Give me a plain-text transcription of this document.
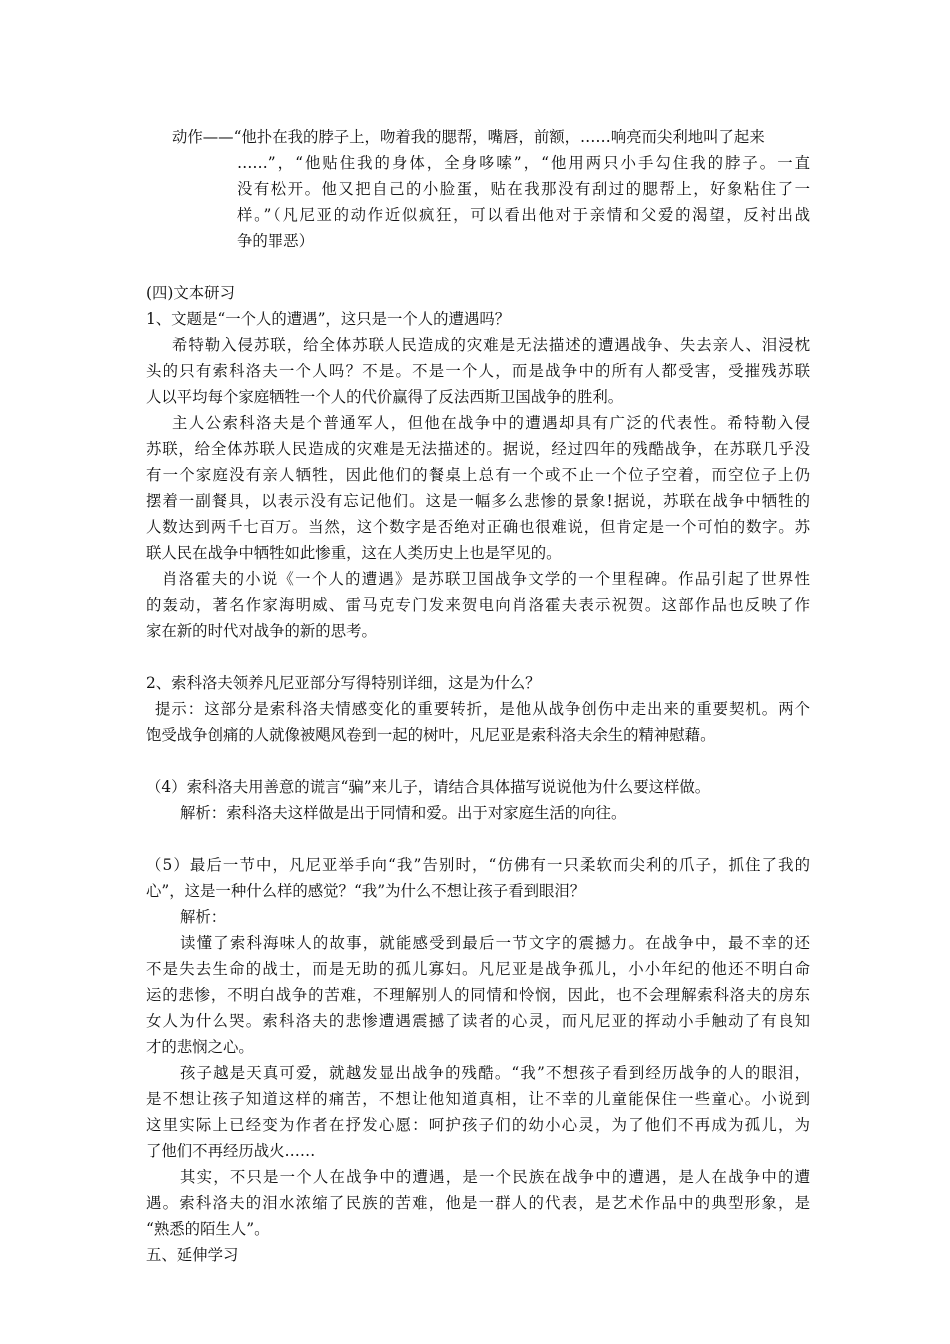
动作——“他扑在我的脖子上，吻着我的腮帮，嘴唇，前额，……响亮而尖利地叫了起来
……”，“他贴住我的身体，全身哆嗦”，“他用两只小手勾住我的脖子。一直
没有松开。他又把自己的小脸蛋，贴在我那没有刮过的腮帮上，好象粘住了一
样。”（凡尼亚的动作近似疯狂，可以看出他对于亲情和父爱的渴望，反衬出战
争的罪恶）
(四)文本研习
1、文题是“一个人的遭遇”，这只是一个人的遭遇吗？
希特勒入侵苏联，给全体苏联人民造成的灾难是无法描述的遭遇战争、失去亲人、泪浸枕
头的只有索科洛夫一个人吗？不是。不是一个人，而是战争中的所有人都受害，受摧残苏联
人以平均每个家庭牺牲一个人的代价赢得了反法西斯卫国战争的胜利。
主人公索科洛夫是个普通军人，但他在战争中的遭遇却具有广泛的代表性。希特勒入侵
苏联，给全体苏联人民造成的灾难是无法描述的。据说，经过四年的残酷战争，在苏联几乎没
有一个家庭没有亲人牺牲，因此他们的餐桌上总有一个或不止一个位子空着，而空位子上仍
摆着一副餐具，以表示没有忘记他们。这是一幅多么悲惨的景象!据说，苏联在战争中牺牲的
人数达到两千七百万。当然，这个数字是否绝对正确也很难说，但肯定是一个可怕的数字。苏
联人民在战争中牺牲如此惨重，这在人类历史上也是罕见的。
肖洛霍夫的小说《一个人的遭遇》是苏联卫国战争文学的一个里程碑。作品引起了世界性
的轰动，著名作家海明威、雷马克专门发来贺电向肖洛霍夫表示祝贺。这部作品也反映了作
家在新的时代对战争的新的思考。
2、索科洛夫领养凡尼亚部分写得特别详细，这是为什么？
提示：这部分是索科洛夫情感变化的重要转折，是他从战争创伤中走出来的重要契机。两个
饱受战争创痛的人就像被飓风卷到一起的树叶，凡尼亚是索科洛夫余生的精神慰藉。
（4）索科洛夫用善意的谎言“骗”来儿子，请结合具体描写说说他为什么要这样做。
解析：索科洛夫这样做是出于同情和爱。出于对家庭生活的向往。
（5）最后一节中，凡尼亚举手向“我”告别时，“仿佛有一只柔软而尖利的爪子，抓住了我的
心”，这是一种什么样的感觉？“我”为什么不想让孩子看到眼泪？
解析：
读懂了索科海味人的故事，就能感受到最后一节文字的震撼力。在战争中，最不幸的还
不是失去生命的战士，而是无助的孤儿寡妇。凡尼亚是战争孤儿，小小年纪的他还不明白命
运的悲惨，不明白战争的苦难，不理解别人的同情和怜悯，因此，也不会理解索科洛夫的房东
女人为什么哭。索科洛夫的悲惨遭遇震撼了读者的心灵，而凡尼亚的挥动小手触动了有良知
才的悲悯之心。
孩子越是天真可爱，就越发显出战争的残酷。“我”不想孩子看到经历战争的人的眼泪，
是不想让孩子知道这样的痛苦，不想让他知道真相，让不幸的儿童能保住一些童心。小说到
这里实际上已经变为作者在抒发心愿：呵护孩子们的幼小心灵，为了他们不再成为孤儿，为
了他们不再经历战火……
其实，不只是一个人在战争中的遭遇，是一个民族在战争中的遭遇，是人在战争中的遭
遇。索科洛夫的泪水浓缩了民族的苦难，他是一群人的代表，是艺术作品中的典型形象，是
“熟悉的陌生人”。
五、延伸学习
